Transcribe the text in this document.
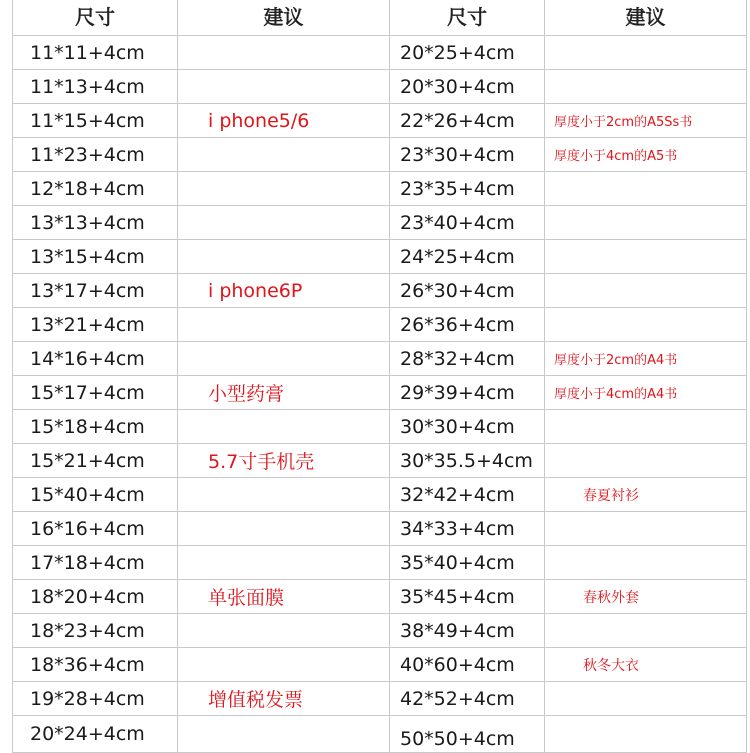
尺寸	建议	尺寸	建议
11*11+4cm		20*25+4cm	
11*13+4cm		20*30+4cm	
11*15+4cm	i phone5/6	22*26+4cm	厚度小于2cm的A5Ss书
11*23+4cm		23*30+4cm	厚度小于4cm的A5书
12*18+4cm		23*35+4cm	
13*13+4cm		23*40+4cm	
13*15+4cm		24*25+4cm	
13*17+4cm	i phone6P	26*30+4cm	
13*21+4cm		26*36+4cm	
14*16+4cm		28*32+4cm	厚度小于2cm的A4书
15*17+4cm	小型药膏	29*39+4cm	厚度小于4cm的A4书
15*18+4cm		30*30+4cm	
15*21+4cm	5.7寸手机壳	30*35.5+4cm	
15*40+4cm		32*42+4cm	春夏衬衫
16*16+4cm		34*33+4cm	
17*18+4cm		35*40+4cm	
18*20+4cm	单张面膜	35*45+4cm	春秋外套
18*23+4cm		38*49+4cm	
18*36+4cm		40*60+4cm	秋冬大衣
19*28+4cm	增值税发票	42*52+4cm	
20*24+4cm		50*50+4cm	
